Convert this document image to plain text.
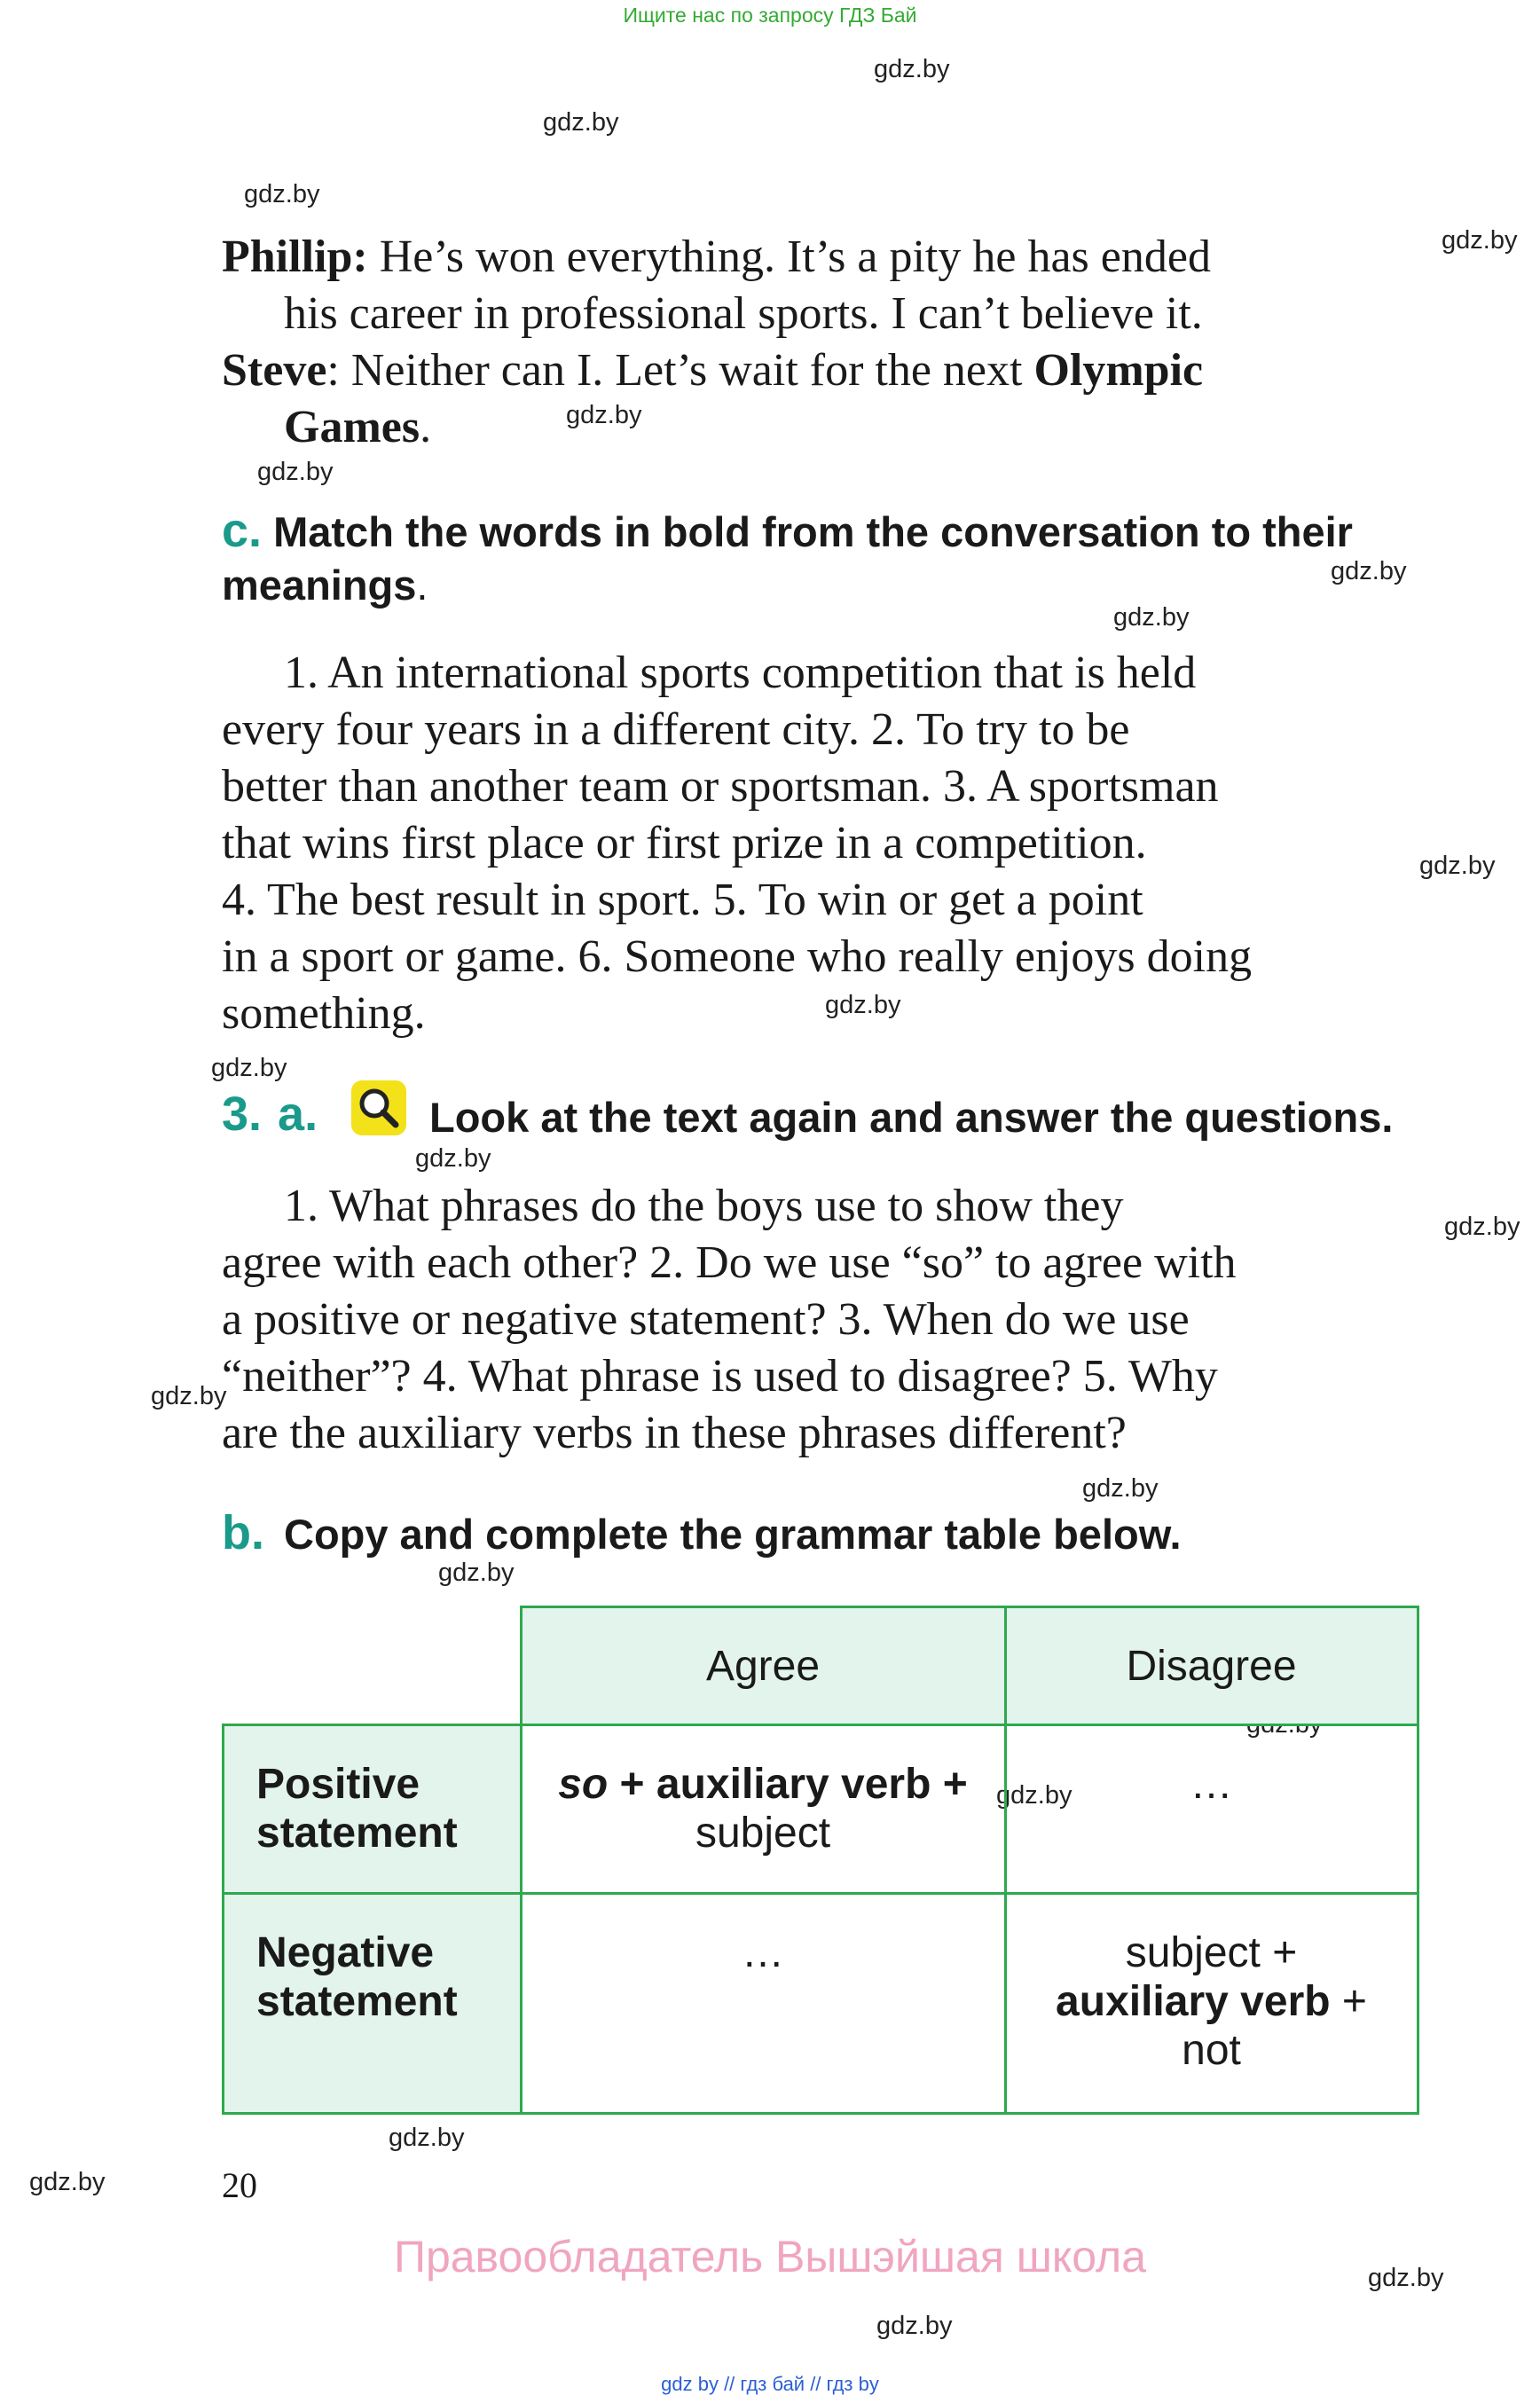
Ищите нас по запросу ГДЗ Бай
gdz.by
gdz.by
gdz.by
gdz.by
gdz.by
gdz.by
gdz.by
gdz.by
gdz.by
gdz.by
gdz.by
gdz.by
gdz.by
gdz.by
gdz.by
gdz.by
gdz.by
gdz.by
gdz.by
gdz.by
gdz.by
Phillip: He’s won everything. It’s a pity he has ended
his career in professional sports. I can’t believe it.
Steve: Neither can I. Let’s wait for the next Olympic
Games.
c. Match the words in bold from the conversation to their
meanings.
1. An international sports competition that is held
every four years in a different city. 2. To try to be
better than another team or sportsman. 3. A sportsman
that wins first place or first prize in a competition.
4. The best result in sport. 5. To win or get a point
in a sport or game. 6. Someone who really enjoys doing
something.
3. a.	Look at the text again and answer the questions.
1. What phrases do the boys use to show they
agree with each other? 2. Do we use “so” to agree with
a positive or negative statement? 3. When do we use
“neither”? 4. What phrase is used to disagree? 5. Why
are the auxiliary verbs in these phrases different?
b. Copy and complete the grammar table below.
	Agree	Disagree
Positive
statement	so + auxiliary verb +
subject	…
Negative
statement	…	subject +
auxiliary verb +
not
20
Правообладатель Вышэйшая школа
gdz by // гдз бай // гдз by
